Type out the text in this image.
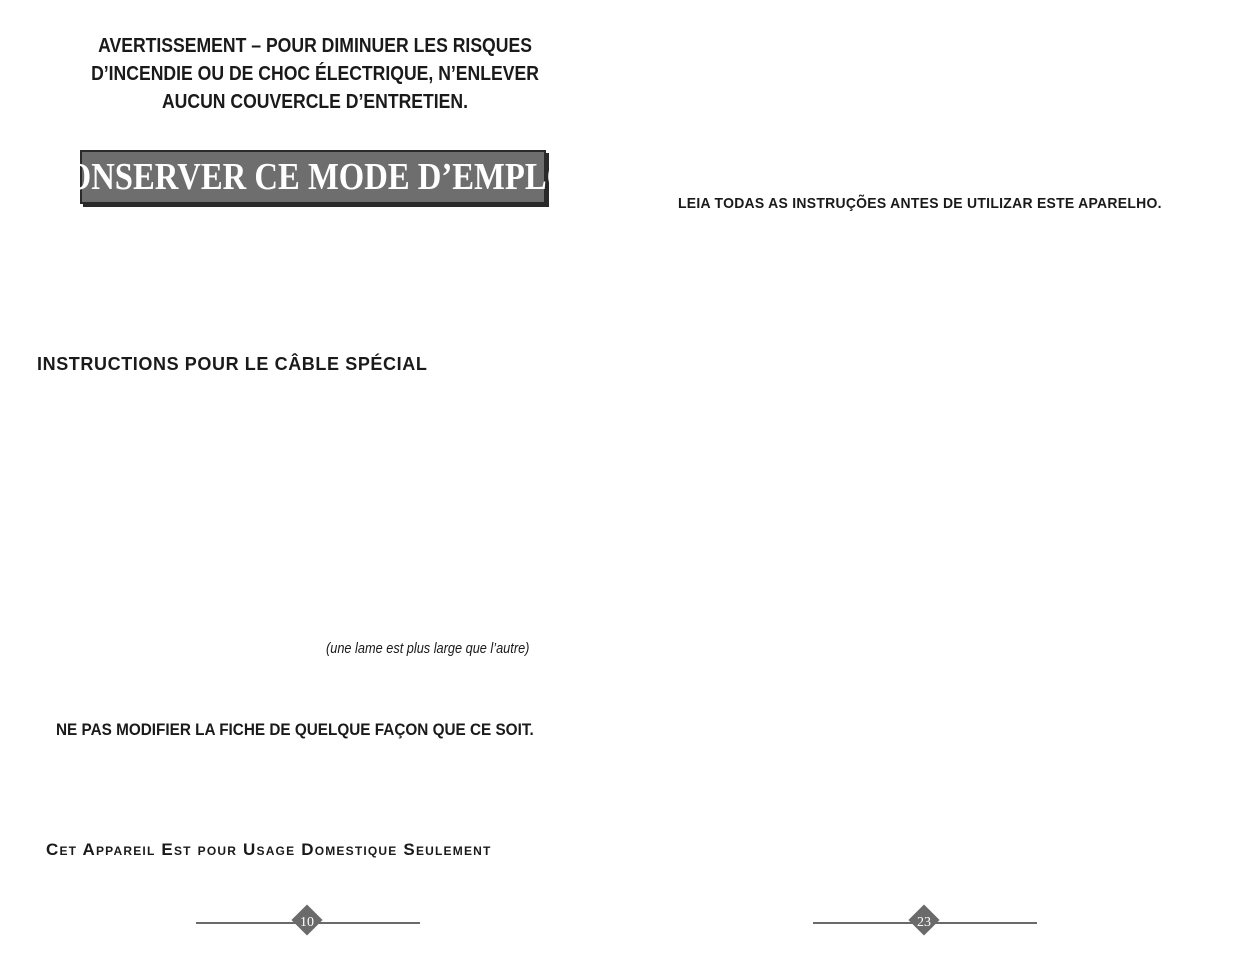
AVERTISSEMENT – POUR DIMINUER LES RISQUES
D’INCENDIE OU DE CHOC ÉLECTRIQUE, N’ENLEVER
AUCUN COUVERCLE D’ENTRETIEN.
CONSERVER CE MODE D’EMPLOI
LEIA TODAS AS INSTRUÇÕES ANTES DE UTILIZAR ESTE APARELHO.
INSTRUCTIONS POUR LE CÂBLE SPÉCIAL
(une lame est plus large que l’autre)
NE PAS MODIFIER LA FICHE DE QUELQUE FAÇON QUE CE SOIT.
Cet Appareil Est pour Usage Domestique Seulement
10	23
